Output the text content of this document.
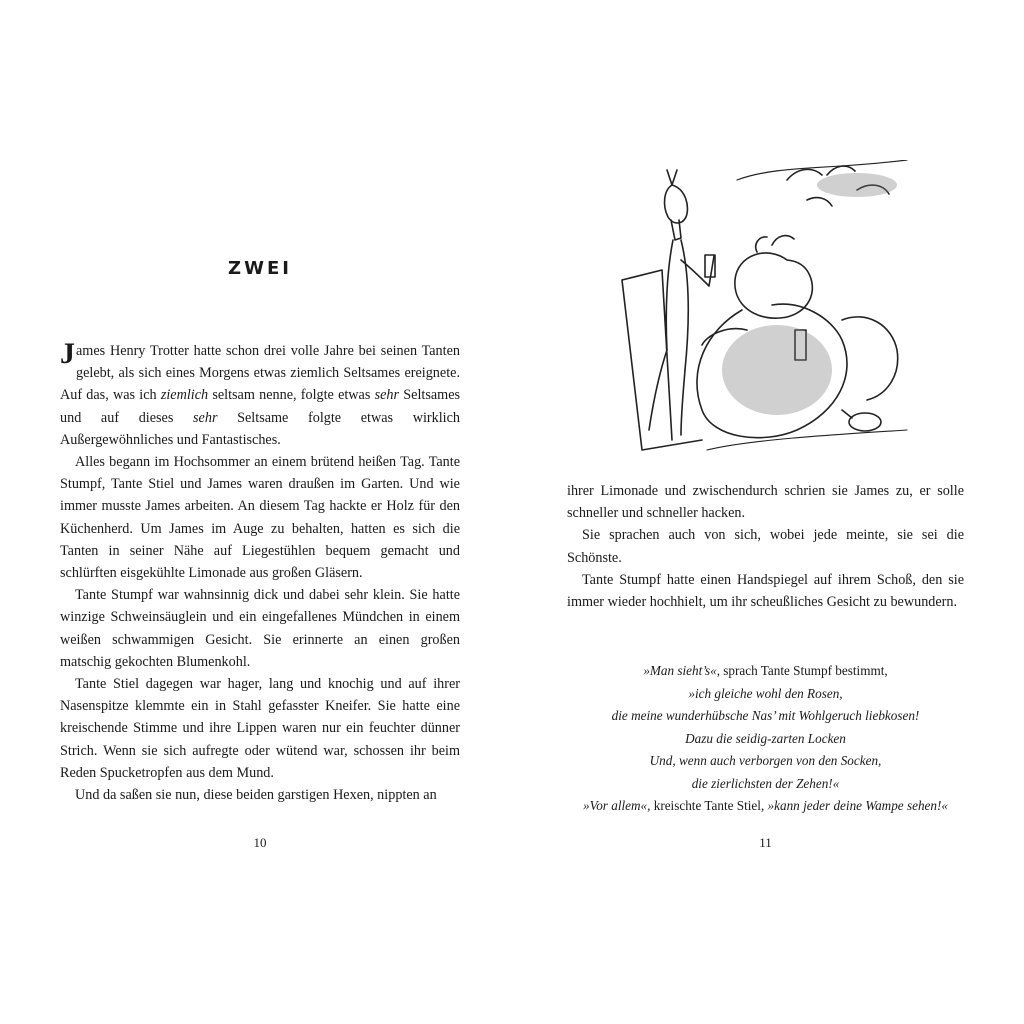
ZWEI

James Henry Trotter hatte schon drei volle Jahre bei seinen Tanten gelebt, als sich eines Morgens etwas ziemlich Seltsames ereignete. Auf das, was ich ziemlich seltsam nenne, folgte etwas sehr Seltsames und auf dieses sehr Seltsame folgte etwas wirklich Außergewöhnliches und Fantastisches.

Alles begann im Hochsommer an einem brütend heißen Tag. Tante Stumpf, Tante Stiel und James waren draußen im Garten. Und wie immer musste James arbeiten. An diesem Tag hackte er Holz für den Küchenherd. Um James im Auge zu behalten, hatten es sich die Tanten in seiner Nähe auf Liegestühlen bequem gemacht und schlürften eisgekühlte Limonade aus großen Gläsern.

Tante Stumpf war wahnsinnig dick und dabei sehr klein. Sie hatte winzige Schweinsäuglein und ein eingefallenes Mündchen in einem weißen schwammigen Gesicht. Sie erinnerte an einen großen matschig gekochten Blumenkohl.

Tante Stiel dagegen war hager, lang und knochig und auf ihrer Nasenspitze klemmte ein in Stahl gefasster Kneifer. Sie hatte eine kreischende Stimme und ihre Lippen waren nur ein feuchter dünner Strich. Wenn sie sich aufregte oder wütend war, schossen ihr beim Reden Spucketropfen aus dem Mund.

Und da saßen sie nun, diese beiden garstigen Hexen, nippten an

10

ihrer Limonade und zwischendurch schrien sie James zu, er solle schneller und schneller hacken.

Sie sprachen auch von sich, wobei jede meinte, sie sei die Schönste.

Tante Stumpf hatte einen Handspiegel auf ihrem Schoß, den sie immer wieder hochhielt, um ihr scheußliches Gesicht zu bewundern.

»Man sieht’s«, sprach Tante Stumpf bestimmt,
»ich gleiche wohl den Rosen,
die meine wunderhübsche Nas’ mit Wohlgeruch liebkosen!
Dazu die seidig-zarten Locken
Und, wenn auch verborgen von den Socken,
die zierlichsten der Zehen!«
»Vor allem«, kreischte Tante Stiel, »kann jeder deine Wampe sehen!«

11
